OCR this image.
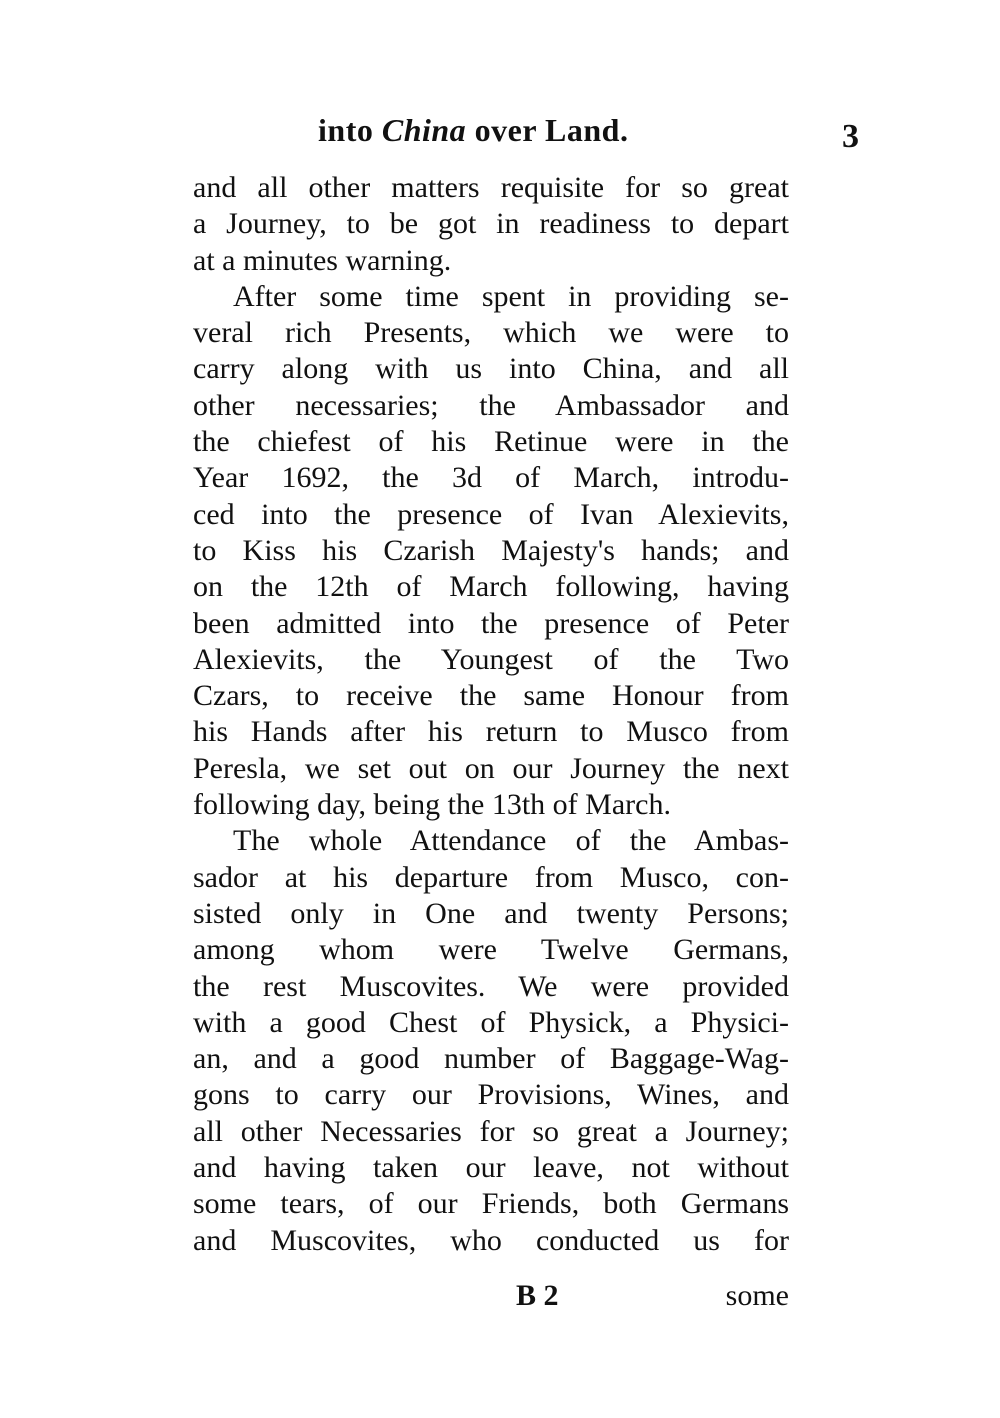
into China over Land.	3
and all other matters requisite for so great
a Journey, to be got in readiness to depart
at a minutes warning.
After some time spent in providing se-
veral rich Presents, which we were to
carry along with us into China, and all
other necessaries; the Ambassador and
the chiefest of his Retinue were in the
Year 1692, the 3d of March, introdu-
ced into the presence of Ivan Alexievits,
to Kiss his Czarish Majesty's hands; and
on the 12th of March following, having
been admitted into the presence of Peter
Alexievits, the Youngest of the Two
Czars, to receive the same Honour from
his Hands after his return to Musco from
Peresla, we set out on our Journey the next
following day, being the 13th of March.
The whole Attendance of the Ambas-
sador at his departure from Musco, con-
sisted only in One and twenty Persons;
among whom were Twelve Germans,
the rest Muscovites. We were provided
with a good Chest of Physick, a Physici-
an, and a good number of Baggage-Wag-
gons to carry our Provisions, Wines, and
all other Necessaries for so great a Journey;
and having taken our leave, not without
some tears, of our Friends, both Germans
and Muscovites, who conducted us for
B 2	some
